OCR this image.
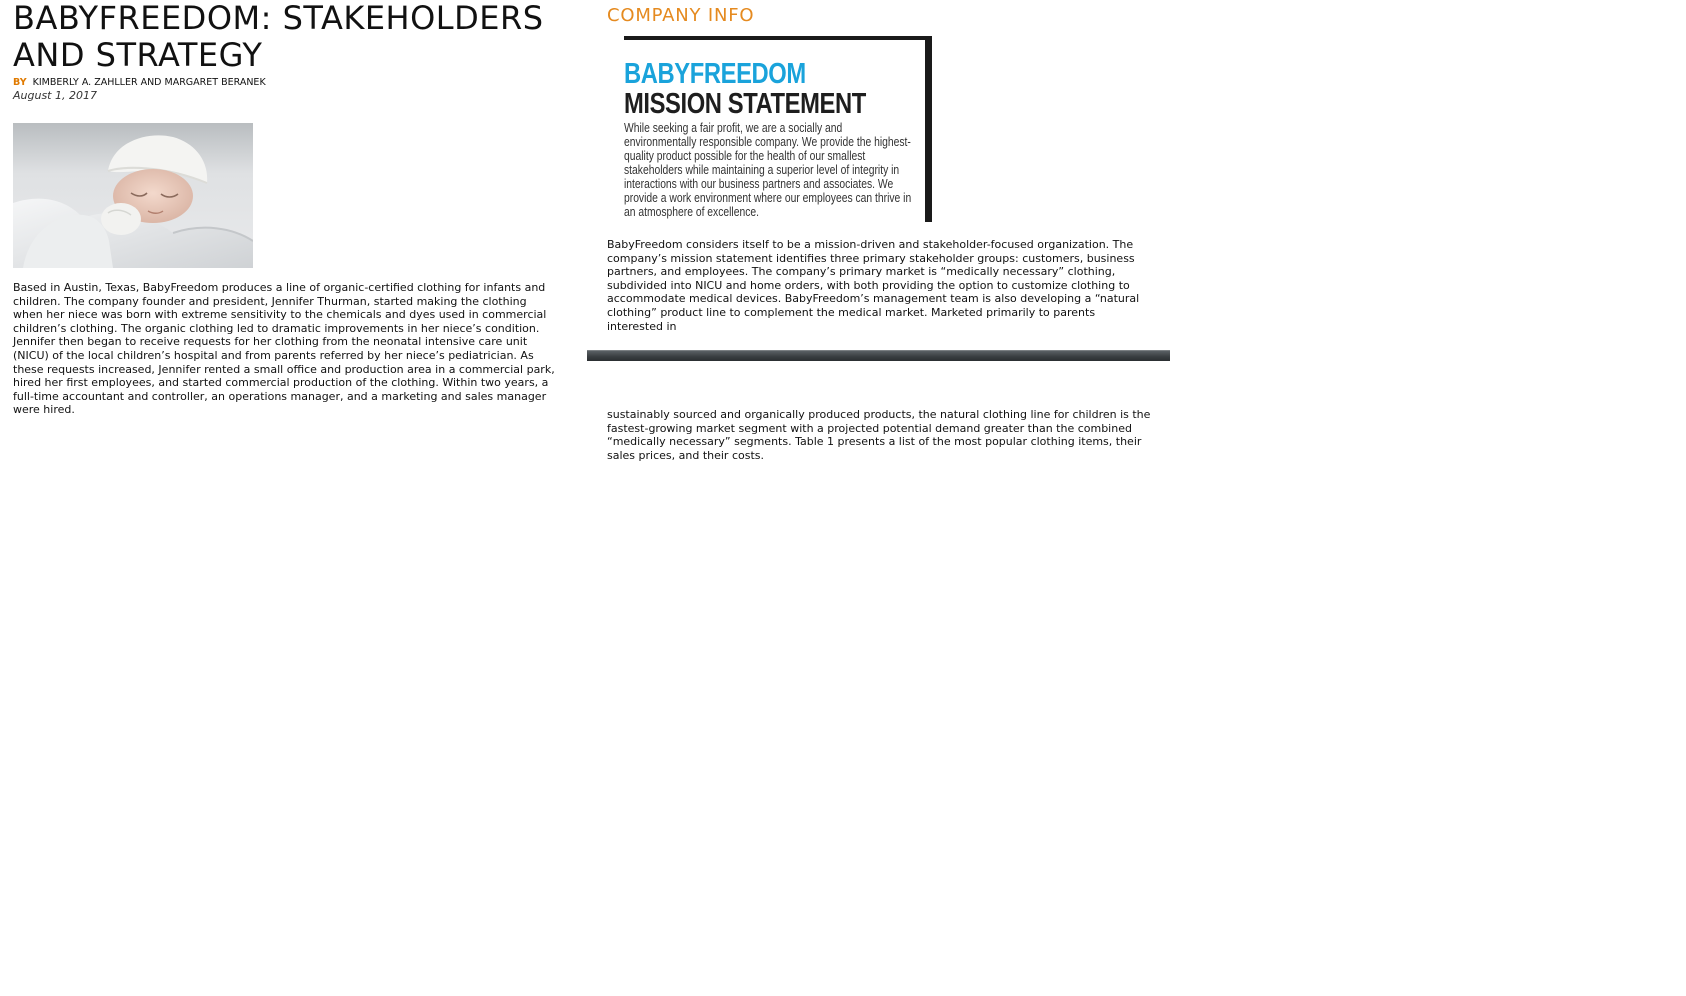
BABYFREEDOM: STAKEHOLDERS AND STRATEGY
BY KIMBERLY A. ZAHLLER AND MARGARET BERANEK
August 1, 2017

Based in Austin, Texas, BabyFreedom produces a line of organic-certified clothing for infants and children. The company founder and president, Jennifer Thurman, started making the clothing when her niece was born with extreme sensitivity to the chemicals and dyes used in commercial children’s clothing. The organic clothing led to dramatic improvements in her niece’s condition. Jennifer then began to receive requests for her clothing from the neonatal intensive care unit (NICU) of the local children’s hospital and from parents referred by her niece’s pediatrician. As these requests increased, Jennifer rented a small office and production area in a commercial park, hired her first employees, and started commercial production of the clothing. Within two years, a full-time accountant and controller, an operations manager, and a marketing and sales manager were hired.

COMPANY INFO
BABYFREEDOM
MISSION STATEMENT
While seeking a fair profit, we are a socially and environmentally responsible company. We provide the highest-quality product possible for the health of our smallest stakeholders while maintaining a superior level of integrity in interactions with our business partners and associates. We provide a work environment where our employees can thrive in an atmosphere of excellence.

BabyFreedom considers itself to be a mission-driven and stakeholder-focused organization. The company’s mission statement identifies three primary stakeholder groups: customers, business partners, and employees. The company’s primary market is “medically necessary” clothing, subdivided into NICU and home orders, with both providing the option to customize clothing to accommodate medical devices. BabyFreedom’s management team is also developing a “natural clothing” product line to complement the medical market. Marketed primarily to parents interested in

sustainably sourced and organically produced products, the natural clothing line for children is the fastest-growing market segment with a projected potential demand greater than the combined “medically necessary” segments. Table 1 presents a list of the most popular clothing items, their sales prices, and their costs.
